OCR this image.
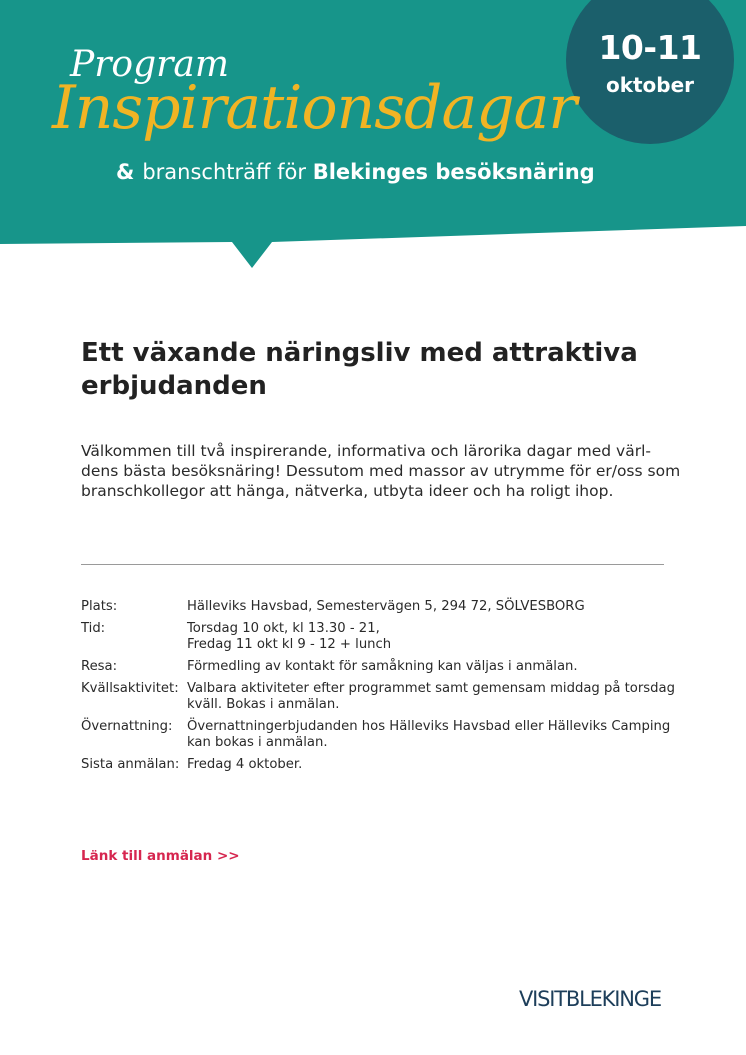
10-11
oktober
Program
Inspirationsdagar
& branschträff för Blekinges besöksnäring
Ett växande näringsliv med attraktiva erbjudanden

Välkommen till två inspirerande, informativa och lärorika dagar med värl-dens bästa besöksnäring! Dessutom med massor av utrymme för er/oss som branschkollegor att hänga, nätverka, utbyta ideer och ha roligt ihop.

Plats:	Hälleviks Havsbad, Semestervägen 5, 294 72, SÖLVESBORG
Tid:	Torsdag 10 okt, kl 13.30 - 21,
Fredag 11 okt kl 9 - 12 + lunch
Resa:	Förmedling av kontakt för samåkning kan väljas i anmälan.
Kvällsaktivitet: Valbara aktiviteter efter programmet samt gemensam middag på torsdag kväll. Bokas i anmälan.
Övernattning:	Övernattningerbjudanden hos Hälleviks Havsbad eller Hälleviks Camping kan bokas i anmälan.
Sista anmälan: Fredag 4 oktober.
Länk till anmälan >>
VISITBLEKINGE
